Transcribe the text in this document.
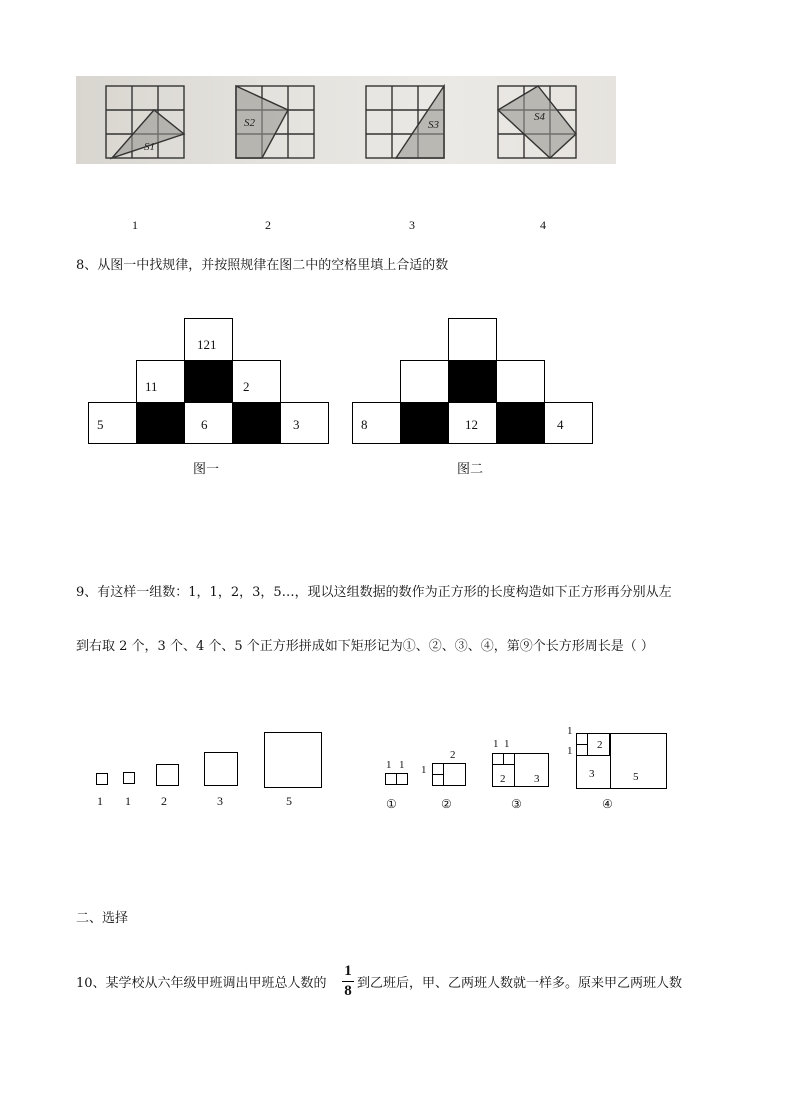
S1
S2	S3
S4
1	2	3	4
8、从图一中找规律，并按照规律在图二中的空格里填上合适的数
121
11	2
5	6	3
图一
8	12	4
图二
9、有这样一组数：1，1，2，3，5…，现以这组数据的数作为正方形的长度构造如下正方形再分别从左
到右取 2 个，3 个、4 个、5 个正方形拼成如下矩形记为①、②、③、④，第⑨个长方形周长是（ ）
1 1	2	3	5
1 1 1
2
1 1
2	3
1
1 2
3	5
①	②	③	④
二、选择
10、某学校从六年级甲班调出甲班总人数的
1
8 到乙班后，甲、乙两班人数就一样多。原来甲乙两班人数
